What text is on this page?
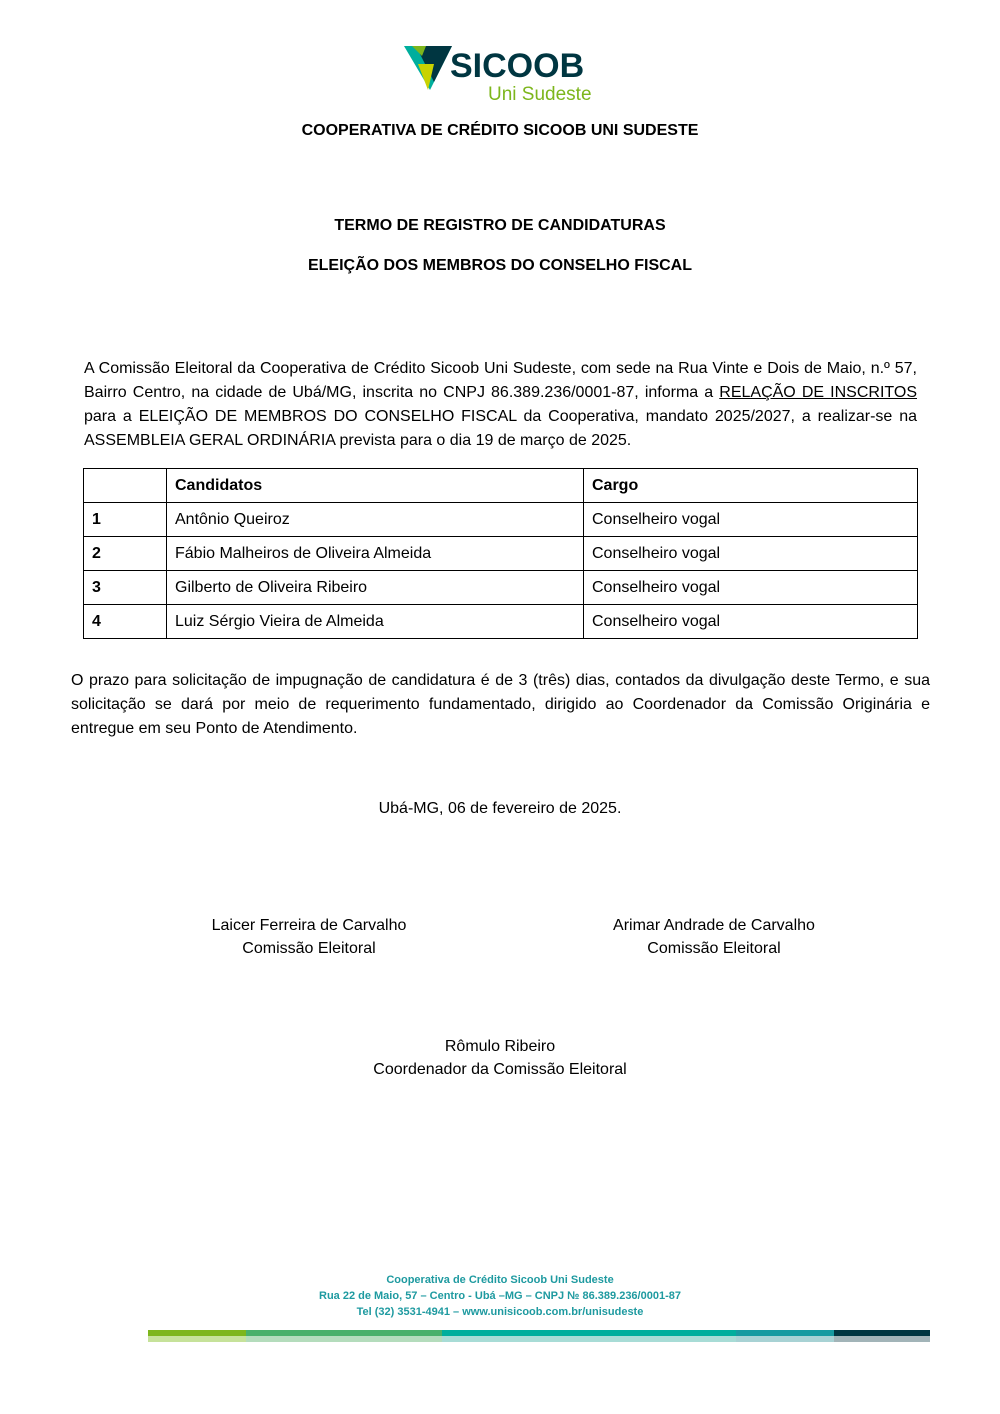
SICOOB
Uni Sudeste
COOPERATIVA DE CRÉDITO SICOOB UNI SUDESTE
TERMO DE REGISTRO DE CANDIDATURAS
ELEIÇÃO DOS MEMBROS DO CONSELHO FISCAL
A Comissão Eleitoral da Cooperativa de Crédito Sicoob Uni Sudeste, com sede na Rua Vinte e Dois de Maio, n.º 57, Bairro Centro, na cidade de Ubá/MG, inscrita no CNPJ 86.389.236/0001-87, informa a RELAÇÃO DE INSCRITOS para a ELEIÇÃO DE MEMBROS DO CONSELHO FISCAL da Cooperativa, mandato 2025/2027, a realizar-se na ASSEMBLEIA GERAL ORDINÁRIA prevista para o dia 19 de março de 2025.
	Candidatos	Cargo
1	Antônio Queiroz	Conselheiro vogal
2	Fábio Malheiros de Oliveira Almeida	Conselheiro vogal
3	Gilberto de Oliveira Ribeiro	Conselheiro vogal
4	Luiz Sérgio Vieira de Almeida	Conselheiro vogal
O prazo para solicitação de impugnação de candidatura é de 3 (três) dias, contados da divulgação deste Termo, e sua solicitação se dará por meio de requerimento fundamentado, dirigido ao Coordenador da Comissão Originária e entregue em seu Ponto de Atendimento.
Ubá-MG, 06 de fevereiro de 2025.
Laicer Ferreira de Carvalho
Comissão Eleitoral
Arimar Andrade de Carvalho
Comissão Eleitoral
Rômulo Ribeiro
Coordenador da Comissão Eleitoral
Cooperativa de Crédito Sicoob Uni Sudeste
Rua 22 de Maio, 57 – Centro - Ubá –MG – CNPJ № 86.389.236/0001-87
Tel (32) 3531-4941 – www.unisicoob.com.br/unisudeste
